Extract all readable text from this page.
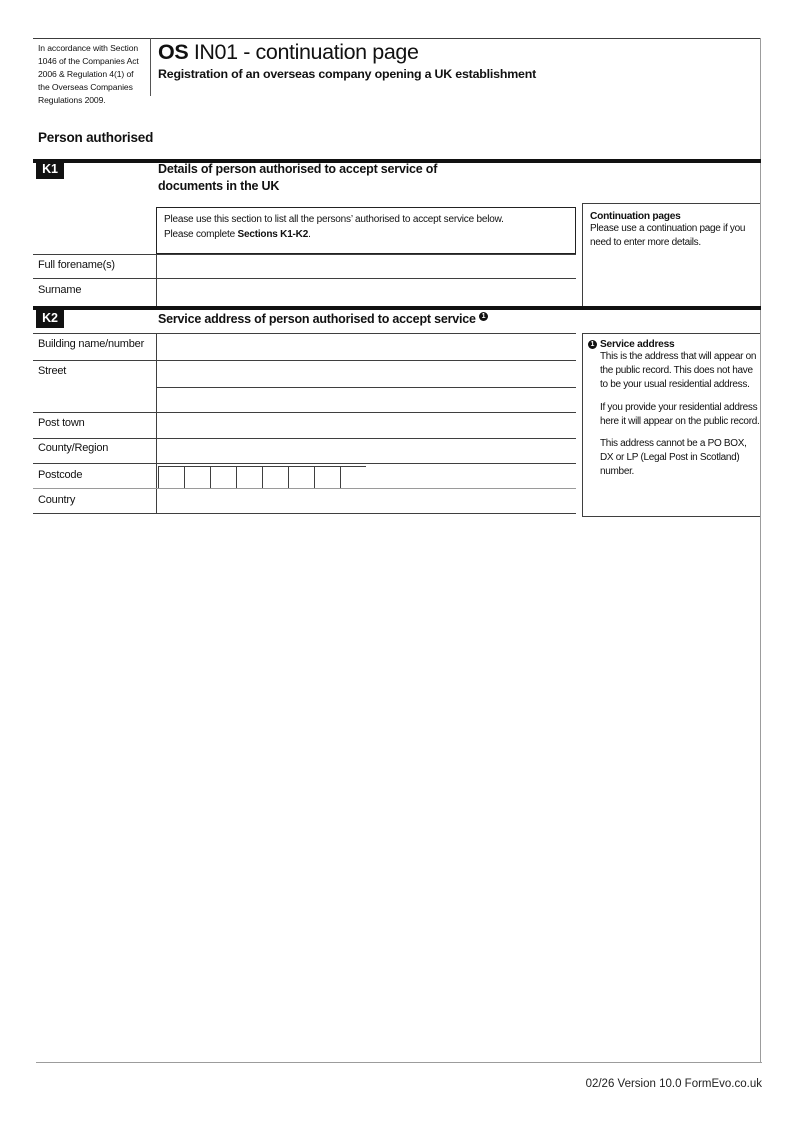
In accordance with Section 1046 of the Companies Act 2006 & Regulation 4(1) of the Overseas Companies Regulations 2009.
OS IN01 - continuation page
Registration of an overseas company opening a UK establishment
Person authorised
K1	Details of person authorised to accept service of documents in the UK
Please use this section to list all the persons’ authorised to accept service below.
Please complete Sections K1-K2.
Continuation pages
Please use a continuation page if you need to enter more details.
Full forename(s)
Surname
K2	Service address of person authorised to accept service 1
Building name/number
Street
Post town
County/Region
Postcode
Country
1 Service address
This is the address that will appear on the public record. This does not have to be your usual residential address.
If you provide your residential address here it will appear on the public record.
This address cannot be a PO BOX, DX or LP (Legal Post in Scotland) number.
02/26 Version 10.0 FormEvo.co.uk
